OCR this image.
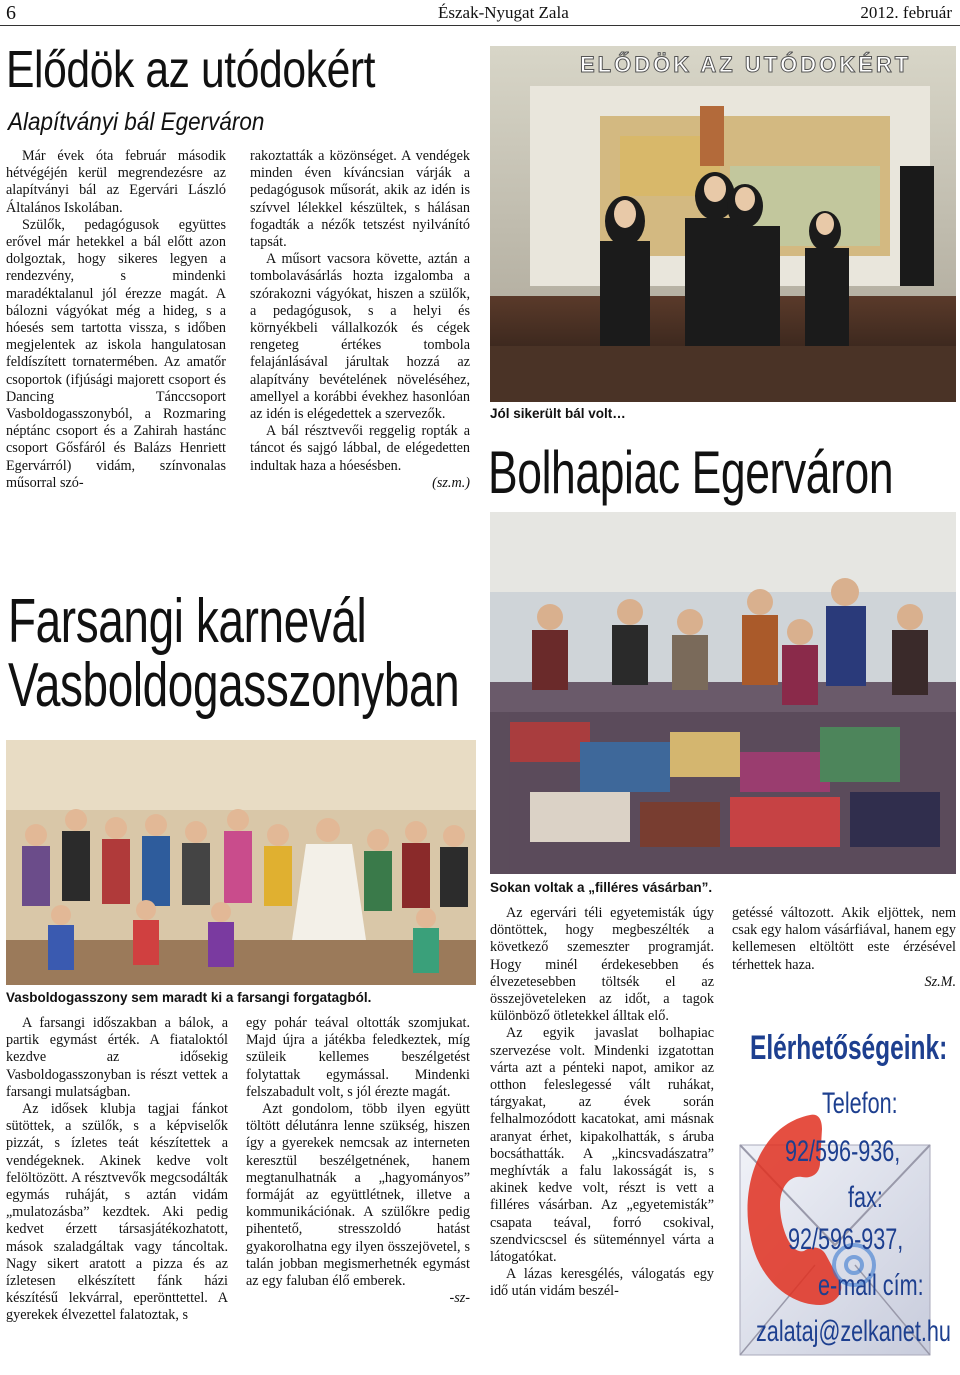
6	Észak-Nyugat Zala	2012. február
Elődök az utódokért
Alapítványi bál Egerváron

Már évek óta február második hétvégéjén kerül megrendezésre az alapítványi bál az Egervári László Általános Iskolában.

Szülők, pedagógusok együttes erővel már hetekkel a bál előtt azon dolgoztak, hogy sikeres legyen a rendezvény, s mindenki maradéktalanul jól érezze magát. A bálozni vágyókat még a hideg, s a hóesés sem tartotta vissza, s időben megjelentek az iskola hangulatosan feldíszített tornatermében. Az amatőr csoportok (ifjúsági majorett csoport és Dancing Tánccsoport Vasboldogasszonyból, a Rozmaring néptánc csoport és a Zahirah hastánc csoport Gősfáról és Balázs Henriett Egervárról) vidám, színvonalas műsorral szó-

rakoztatták a közönséget. A vendégek minden éven kíváncsian várják a pedagógusok műsorát, akik az idén is szívvel lélekkel készültek, s hálásan fogadták a nézők tetszést nyilvánító tapsát.

A műsort vacsora követte, aztán a tombolavásárlás hozta izgalomba a szórakozni vágyókat, hiszen a szülők, a pedagógusok, s a helyi és környékbeli vállalkozók és cégek rengeteg értékes tombola felajánlásával járultak hozzá az alapítvány bevételének növeléséhez, amellyel a korábbi évekhez hasonlóan az idén is elégedettek a szervezők.

A bál résztvevői reggelig ropták a táncot és sajgó lábbal, de elégedetten indultak haza a hóesésben.

(sz.m.)
ELŐDÖK AZ UTÓDOKÉRT
Jól sikerült bál volt…
Bolhapiac Egerváron
Farsangi karnevál
Vasboldogasszonyban
Vasboldogasszony sem maradt ki a farsangi forgatagból.

A farsangi időszakban a bálok, a partik egymást érték. A fiataloktól kezdve az idősekig Vasboldogasszonyban is részt vettek a farsangi mulatságban.

Az idősek klubja tagjai fánkot sütöttek, a szülők, s a képviselők pizzát, s ízletes teát készítettek a vendégeknek. Akinek kedve volt felöltözött. A résztvevők megcsodálták egymás ruháját, s aztán vidám „mulatozásba” kezdtek. Aki pedig kedvet érzett társasjátékozhatott, mások szaladgáltak vagy táncoltak. Nagy sikert aratott a pizza és az ízletesen elkészített fánk házi készítésű lekvárral, eperönttettel. A gyerekek élvezettel falatoztak, s

egy pohár teával oltották szomjukat. Majd újra a játékba feledkeztek, míg szüleik kellemes beszélgetést folytattak egymással. Mindenki felszabadult volt, s jól érezte magát.

Azt gondolom, több ilyen együtt töltött délutánra lenne szükség, hiszen így a gyerekek nemcsak az interneten keresztül beszélgetnének, hanem megtanulhatnák a „hagyományos” formáját az együttlétnek, illetve a kommunikációnak. A szülőkre pedig pihentető, stresszoldó hatást gyakorolhatna egy ilyen összejövetel, s talán jobban megismerhetnék egymást az egy faluban élő emberek.

-sz-
Sokan voltak a „filléres vásárban”.

Az egervári téli egyetemisták úgy döntöttek, hogy megbeszélték a következő szemeszter programját. Hogy minél érdekesebben és élvezetesebben töltsék el az összejöveteleken az időt, a tagok különböző ötletekkel álltak elő.

Az egyik javaslat bolhapiac szervezése volt. Mindenki izgatottan várta azt a pénteki napot, amikor az otthon feleslegessé vált ruhákat, tárgyakat, az évek során felhalmozódott kacatokat, ami másnak aranyat érhet, kipakolhatták, s áruba bocsáthatták. A „kincsvadászatra” meghívták a falu lakosságát is, s akinek kedve volt, részt is vett a filléres vásárban. Az „egyetemisták” csapata teával, forró csokival, szendvicscsel és süteménnyel várta a látogatókat.

A lázas keresgélés, válogatás egy idő után vidám beszél-

getéssé változott. Akik eljöttek, nem csak egy halom vásárfiával, hanem egy kellemesen eltöltött este érzésével térhettek haza.

Sz.M.
Elérhetőségeink:
Telefon:
92/596-936,
fax:
92/596-937,
e-mail cím:
zalataj@zelkanet.hu
